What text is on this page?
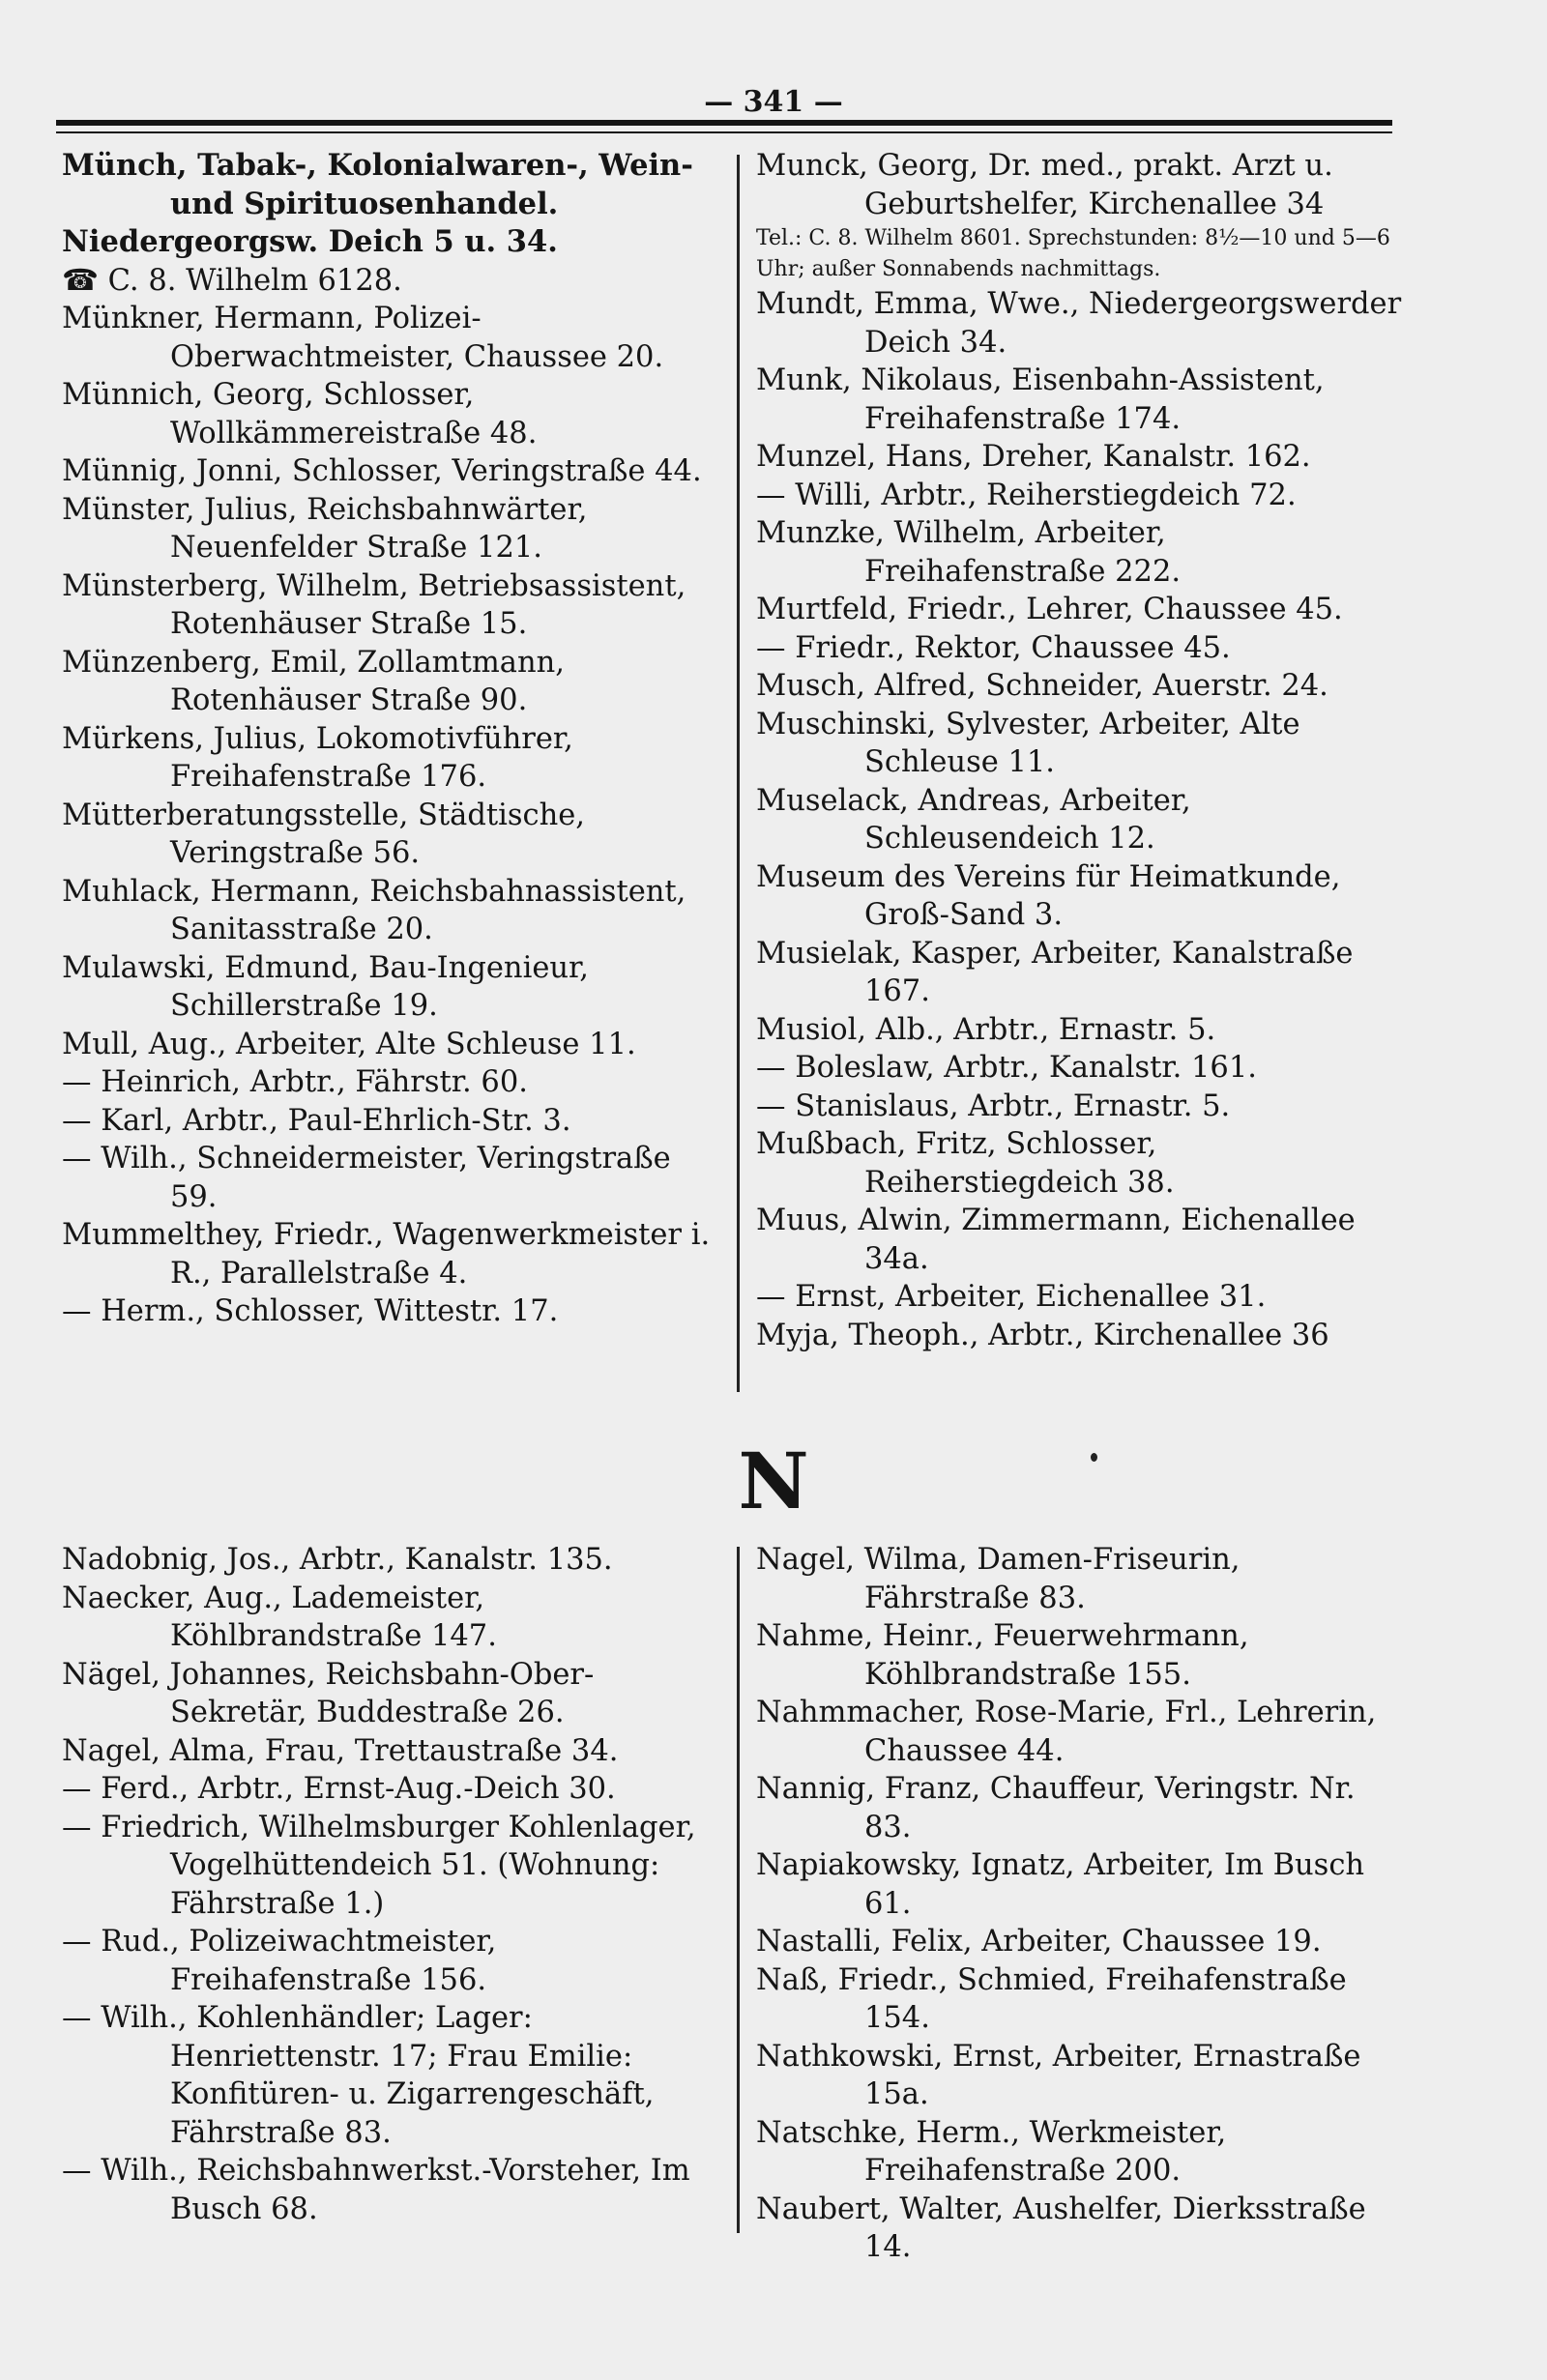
— 341 —
Münch, Tabak-, Kolonialwaren-, Wein- und Spirituosenhandel.
Niedergeorgsw. Deich 5 u. 34.
☎ C. 8. Wilhelm 6128.
Münkner, Hermann, Polizei-Oberwachtmeister, Chaussee 20.
Münnich, Georg, Schlosser, Wollkämmereistraße 48.
Münnig, Jonni, Schlosser, Veringstraße 44.
Münster, Julius, Reichsbahnwärter, Neuenfelder Straße 121.
Münsterberg, Wilhelm, Betriebsassistent, Rotenhäuser Straße 15.
Münzenberg, Emil, Zollamtmann, Rotenhäuser Straße 90.
Mürkens, Julius, Lokomotivführer, Freihafenstraße 176.
Mütterberatungsstelle, Städtische, Veringstraße 56.
Muhlack, Hermann, Reichsbahnassistent, Sanitasstraße 20.
Mulawski, Edmund, Bau-Ingenieur, Schillerstraße 19.
Mull, Aug., Arbeiter, Alte Schleuse 11.
— Heinrich, Arbtr., Fährstr. 60.
— Karl, Arbtr., Paul-Ehrlich-Str. 3.
— Wilh., Schneidermeister, Veringstraße 59.
Mummelthey, Friedr., Wagenwerkmeister i. R., Parallelstraße 4.
— Herm., Schlosser, Wittestr. 17.
Munck, Georg, Dr. med., prakt. Arzt u. Geburtshelfer, Kirchenallee 34
Tel.: C. 8. Wilhelm 8601. Sprechstunden: 8½—10 und 5—6 Uhr; außer Sonnabends nachmittags.
Mundt, Emma, Wwe., Niedergeorgswerder Deich 34.
Munk, Nikolaus, Eisenbahn-Assistent, Freihafenstraße 174.
Munzel, Hans, Dreher, Kanalstr. 162.
— Willi, Arbtr., Reiherstiegdeich 72.
Munzke, Wilhelm, Arbeiter, Freihafenstraße 222.
Murtfeld, Friedr., Lehrer, Chaussee 45.
— Friedr., Rektor, Chaussee 45.
Musch, Alfred, Schneider, Auerstr. 24.
Muschinski, Sylvester, Arbeiter, Alte Schleuse 11.
Muselack, Andreas, Arbeiter, Schleusendeich 12.
Museum des Vereins für Heimatkunde, Groß-Sand 3.
Musielak, Kasper, Arbeiter, Kanalstraße 167.
Musiol, Alb., Arbtr., Ernastr. 5.
— Boleslaw, Arbtr., Kanalstr. 161.
— Stanislaus, Arbtr., Ernastr. 5.
Mußbach, Fritz, Schlosser, Reiherstiegdeich 38.
Muus, Alwin, Zimmermann, Eichenallee 34a.
— Ernst, Arbeiter, Eichenallee 31.
Myja, Theoph., Arbtr., Kirchenallee 36
N
Nadobnig, Jos., Arbtr., Kanalstr. 135.
Naecker, Aug., Lademeister, Köhlbrandstraße 147.
Nägel, Johannes, Reichsbahn-Ober-Sekretär, Buddestraße 26.
Nagel, Alma, Frau, Trettaustraße 34.
— Ferd., Arbtr., Ernst-Aug.-Deich 30.
— Friedrich, Wilhelmsburger Kohlenlager, Vogelhüttendeich 51. (Wohnung: Fährstraße 1.)
— Rud., Polizeiwachtmeister, Freihafenstraße 156.
— Wilh., Kohlenhändler; Lager: Henriettenstr. 17; Frau Emilie: Konfitüren- u. Zigarrengeschäft, Fährstraße 83.
— Wilh., Reichsbahnwerkst.-Vorsteher, Im Busch 68.
Nagel, Wilma, Damen-Friseurin, Fährstraße 83.
Nahme, Heinr., Feuerwehrmann, Köhlbrandstraße 155.
Nahmmacher, Rose-Marie, Frl., Lehrerin, Chaussee 44.
Nannig, Franz, Chauffeur, Veringstr. Nr. 83.
Napiakowsky, Ignatz, Arbeiter, Im Busch 61.
Nastalli, Felix, Arbeiter, Chaussee 19.
Naß, Friedr., Schmied, Freihafenstraße 154.
Nathkowski, Ernst, Arbeiter, Ernastraße 15a.
Natschke, Herm., Werkmeister, Freihafenstraße 200.
Naubert, Walter, Aushelfer, Dierksstraße 14.
